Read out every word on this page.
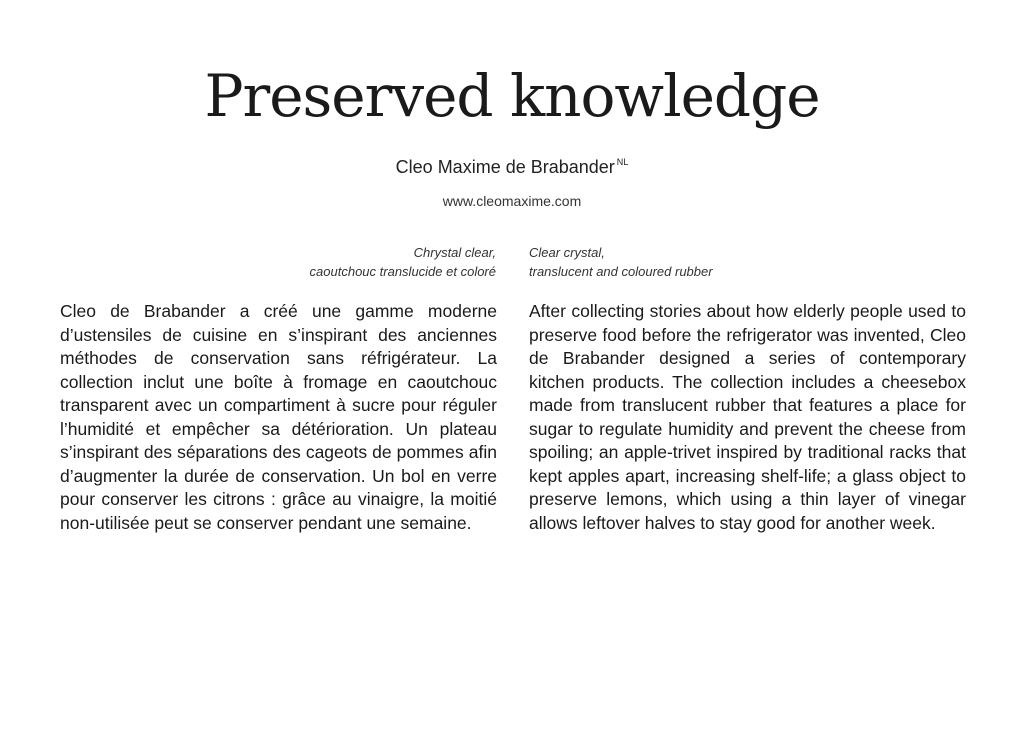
Preserved knowledge
Cleo Maxime de Brabander $^{NL}$
www.cleomaxime.com
Chrystal clear,
caoutchouc translucide et coloré
Clear crystal,
translucent and coloured rubber

Cleo de Brabander a créé une gamme moderne d’ustensiles de cuisine en s’inspirant des anciennes méthodes de conservation sans réfrigérateur. La collection inclut une boîte à fromage en caoutchouc transparent avec un compartiment à sucre pour réguler l’humidité et empêcher sa détérioration. Un plateau s’inspirant des séparations des cageots de pommes afin d’augmenter la durée de conservation. Un bol en verre pour conserver les citrons : grâce au vinaigre, la moitié non-utilisée peut se conserver pendant une semaine.

After collecting stories about how elderly people used to preserve food before the refrigerator was invented, Cleo de Brabander designed a series of contemporary kitchen products. The collection includes a cheesebox made from translucent rubber that features a place for sugar to regulate humidity and prevent the cheese from spoiling; an apple-trivet inspired by traditional racks that kept apples apart, increasing shelf-life; a glass object to preserve lemons, which using a thin layer of vinegar allows leftover halves to stay good for another week.
